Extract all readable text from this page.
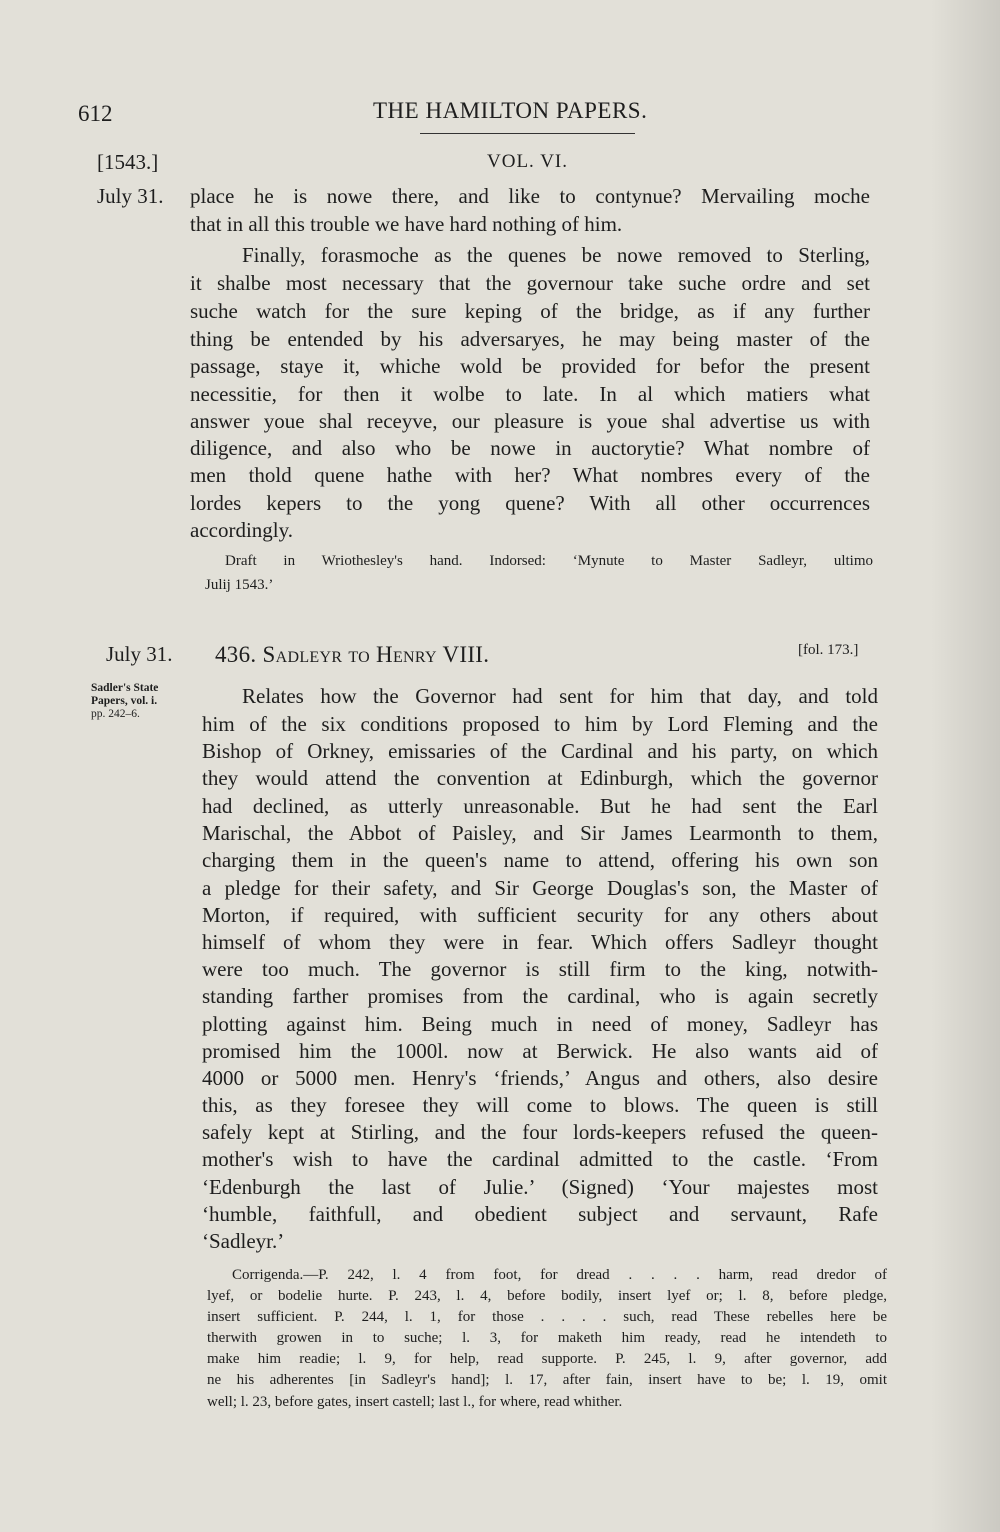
612	THE HAMILTON PAPERS.
[1543.]	VOL. VI.
July 31. place he is nowe there, and like to contynue? Mervailing moche
that in all this trouble we have hard nothing of him.
Finally, forasmoche as the quenes be nowe removed to Sterling,
it shalbe most necessary that the governour take suche ordre and set
suche watch for the sure keping of the bridge, as if any further
thing be entended by his adversaryes, he may being master of the
passage, staye it, whiche wold be provided for befor the present
necessitie, for then it wolbe to late. In al which matiers what
answer youe shal receyve, our pleasure is youe shal advertise us with
diligence, and also who be nowe in auctorytie? What nombre of
men thold quene hathe with her? What nombres every of the
lordes kepers to the yong quene? With all other occurrences
accordingly.
Draft in Wriothesley's hand. Indorsed: ‘Mynute to Master Sadleyr, ultimo
Julij 1543.’
July 31. 436. Sadleyr to Henry VIII.	[fol. 173.]
Sadler's State
Papers, vol. i.
pp. 242–6.
Relates how the Governor had sent for him that day, and told
him of the six conditions proposed to him by Lord Fleming and the
Bishop of Orkney, emissaries of the Cardinal and his party, on which
they would attend the convention at Edinburgh, which the governor
had declined, as utterly unreasonable. But he had sent the Earl
Marischal, the Abbot of Paisley, and Sir James Learmonth to them,
charging them in the queen's name to attend, offering his own son
a pledge for their safety, and Sir George Douglas's son, the Master of
Morton, if required, with sufficient security for any others about
himself of whom they were in fear. Which offers Sadleyr thought
were too much. The governor is still firm to the king, notwith-
standing farther promises from the cardinal, who is again secretly
plotting against him. Being much in need of money, Sadleyr has
promised him the 1000l. now at Berwick. He also wants aid of
4000 or 5000 men. Henry's ‘friends,’ Angus and others, also desire
this, as they foresee they will come to blows. The queen is still
safely kept at Stirling, and the four lords-keepers refused the queen-
mother's wish to have the cardinal admitted to the castle. ‘From
‘Edenburgh the last of Julie.’ (Signed) ‘Your majestes most
‘humble, faithfull, and obedient subject and servaunt, Rafe
‘Sadleyr.’
Corrigenda.—P. 242, l. 4 from foot, for dread . . . . harm, read dredor of
lyef, or bodelie hurte. P. 243, l. 4, before bodily, insert lyef or; l. 8, before pledge,
insert sufficient. P. 244, l. 1, for those . . . . such, read These rebelles here be
therwith growen in to suche; l. 3, for maketh him ready, read he intendeth to
make him readie; l. 9, for help, read supporte. P. 245, l. 9, after governor, add
ne his adherentes [in Sadleyr's hand]; l. 17, after fain, insert have to be; l. 19, omit
well; l. 23, before gates, insert castell; last l., for where, read whither.
